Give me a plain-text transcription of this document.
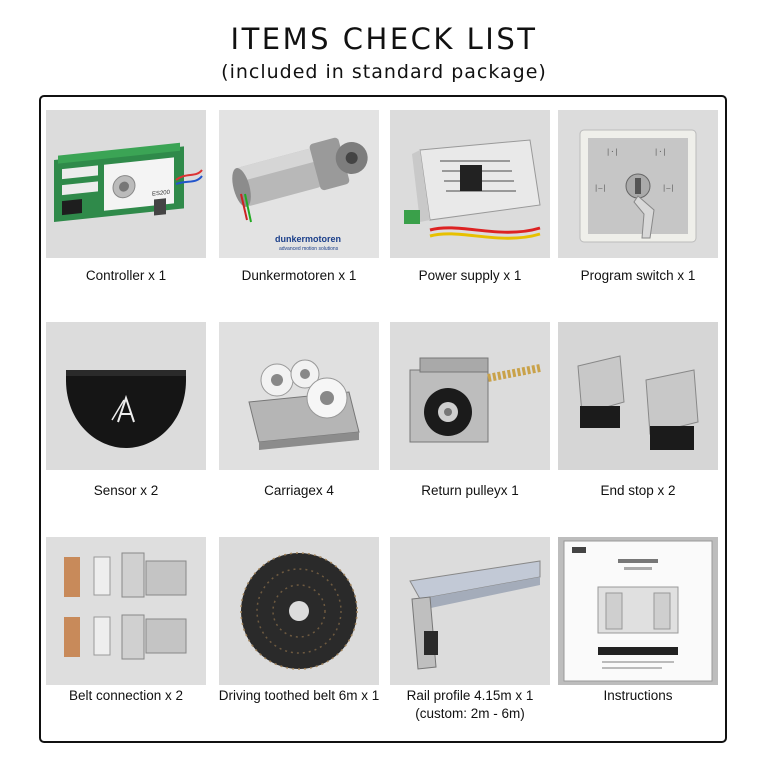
ITEMS CHECK LIST
(included in standard package)
ES200
Controller x 1
dunkermotoren
advanced motion solutions
Dunkermotoren x 1	Power supply x 1
|·|	|·|
|—|	|—|
Program switch x 1
Sensor x 2	Carriagex 4	Return pulleyx 1	End stop x 2
Belt connection x 2	Driving toothed belt 6m x 1	Rail profile 4.15m x 1
(custom: 2m - 6m)
Instructions
